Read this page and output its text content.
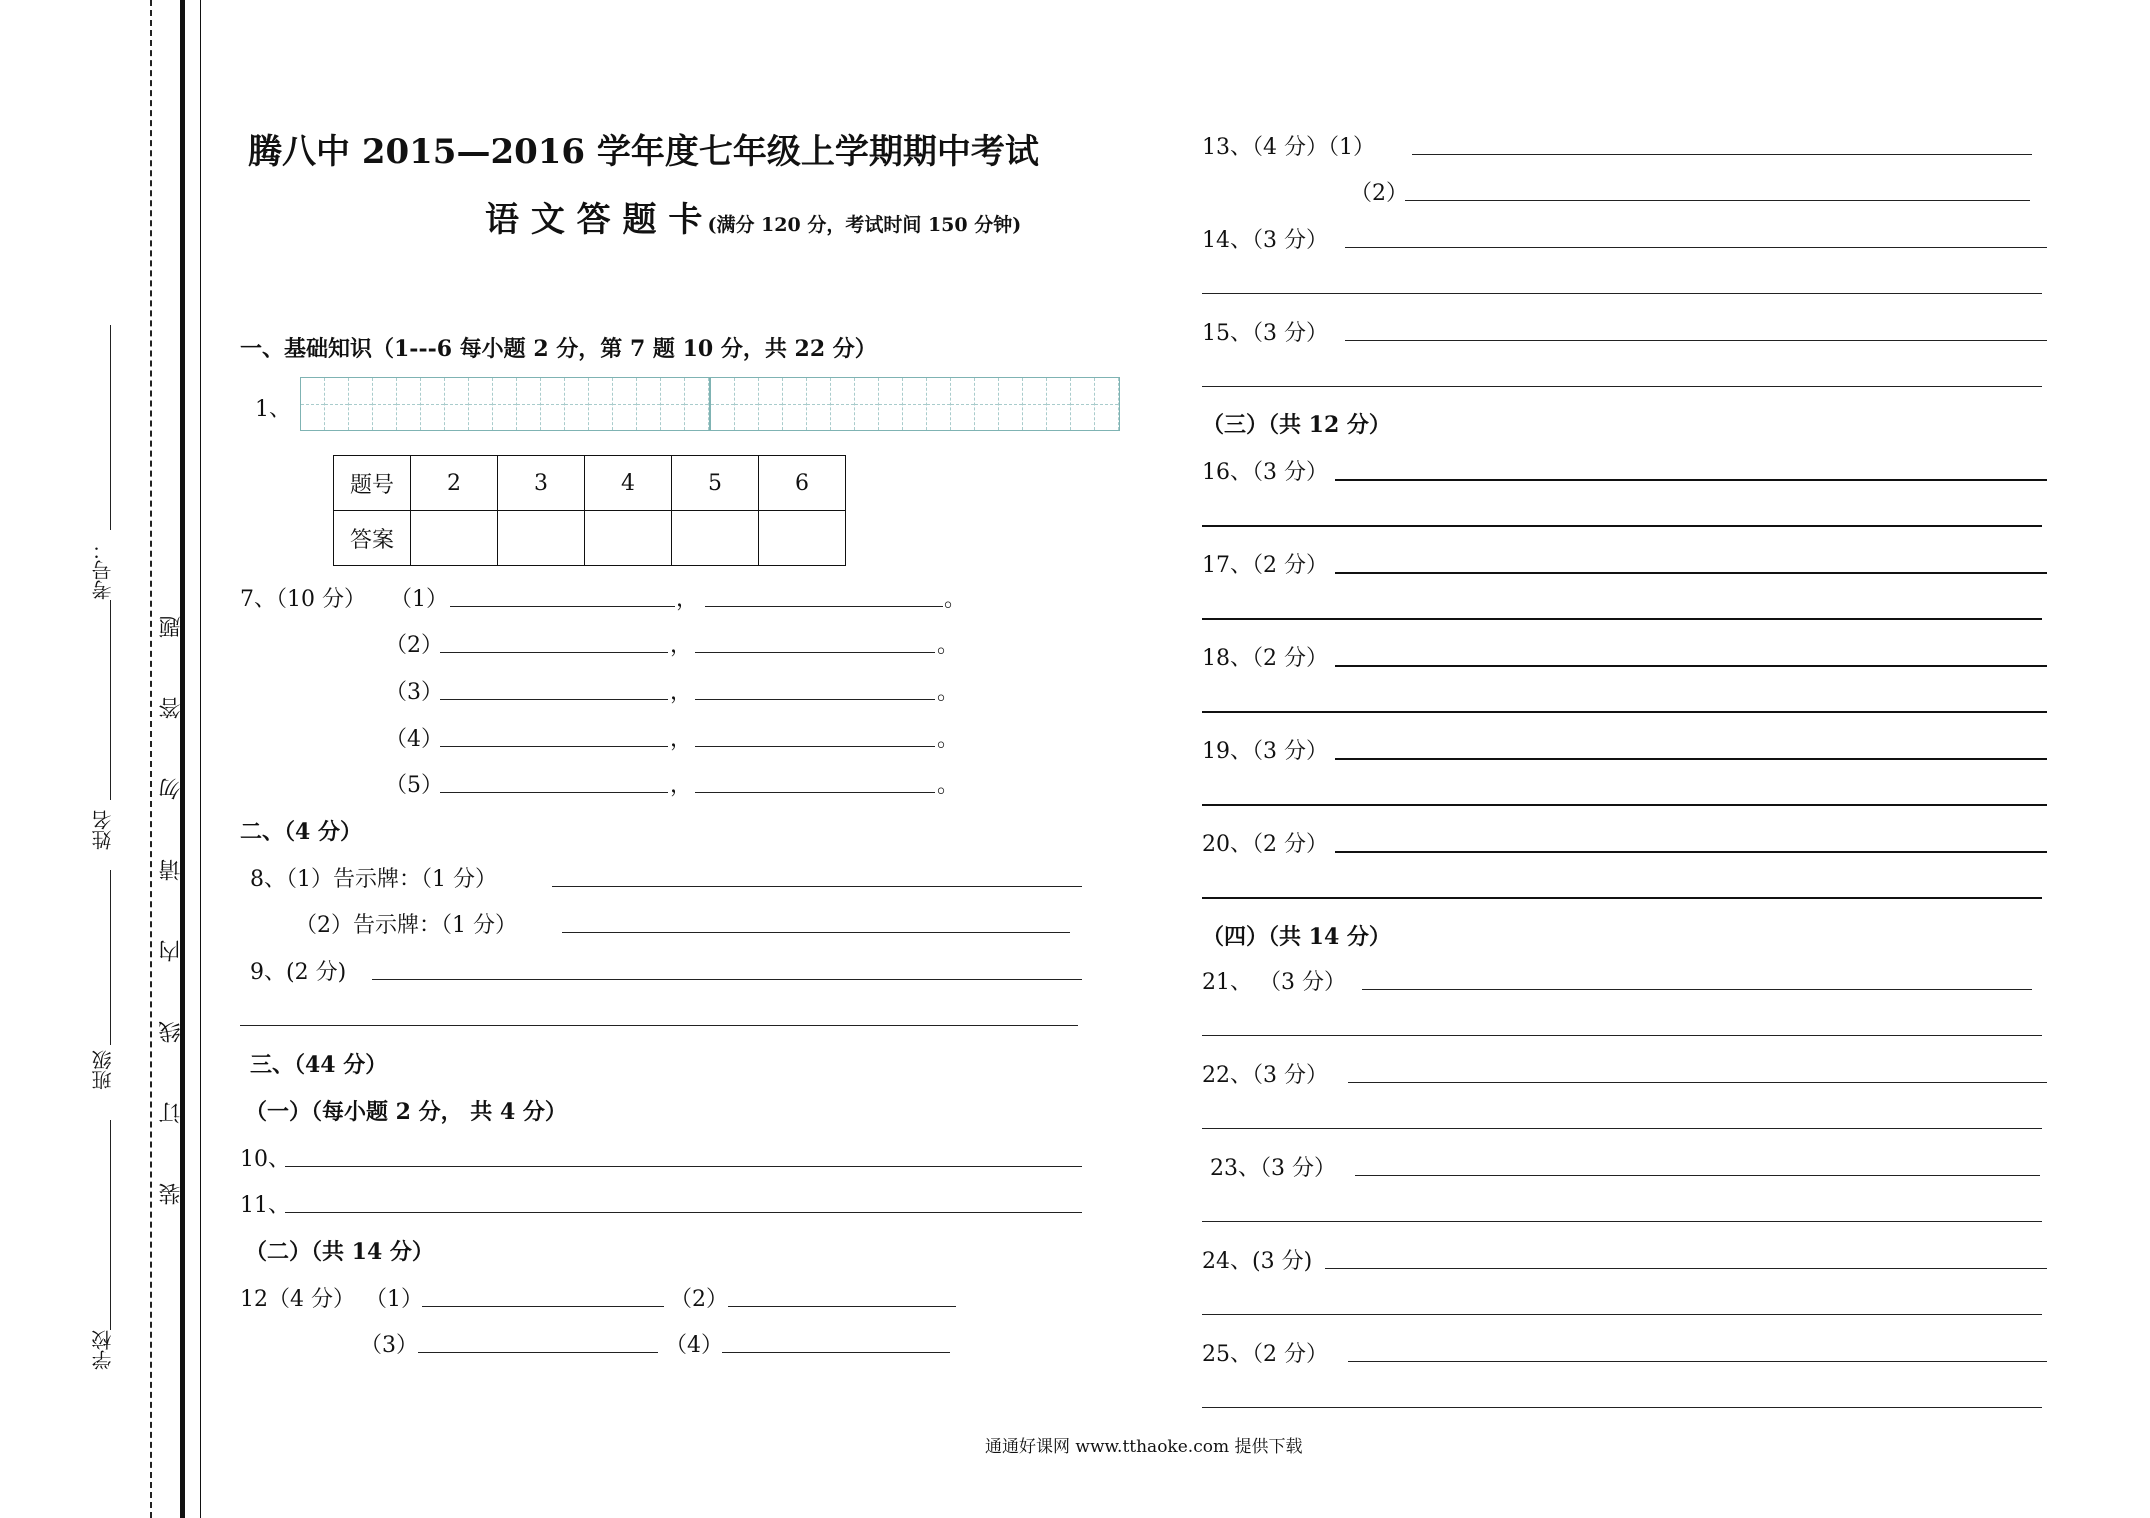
学校
班级
姓名
考号：
装 订 线 内 请 勿 答 题
腾八中 2015—2016 学年度七年级上学期期中考试
语 文 答 题 卡 (满分 120 分，考试时间 150 分钟)
一、基础知识（1---6 每小题 2 分，第 7 题 10 分，共 22 分）
1、
题号	2	3	4	5	6
答案					
7、（10 分） （1）	，	。
（2）	，	。
（3）	，	。
（4）	，	。
（5）	，	。
二、（4 分）
8、（1）告示牌：（1 分）
（2）告示牌：（1 分）
9、(2 分)
三、（44 分）
（一）（每小题 2 分， 共 4 分）
10、
11、
（二）（共 14 分）
12（4 分） （1）	（2）
（3）	（4）
13、（4 分）（1）
（2）
14、（3 分）
15、（3 分）
（三）（共 12 分）
16、（3 分）
17、（2 分）
18、（2 分）
19、（3 分）
20、（2 分）
（四）（共 14 分）
21、 （3 分）
22、（3 分）
23、（3 分）
24、(3 分)
25、（2 分）
通通好课网 www.tthaoke.com 提供下载
